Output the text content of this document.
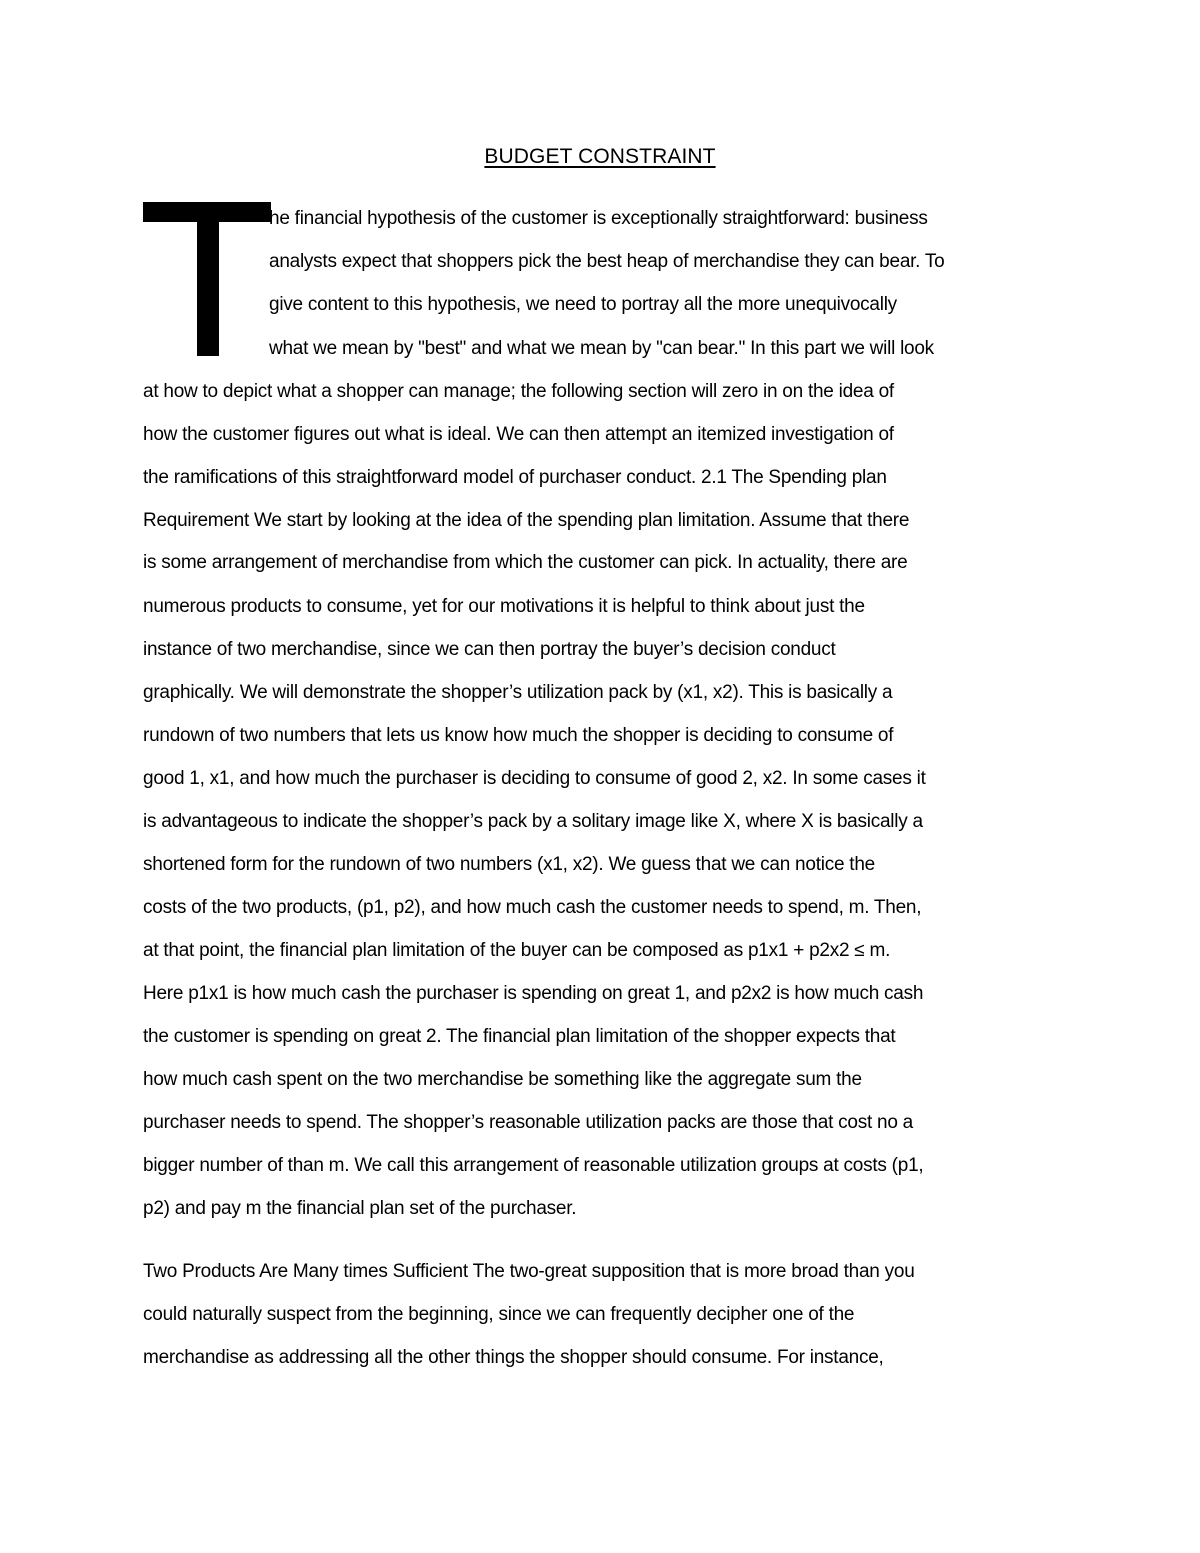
BUDGET CONSTRAINT
he financial hypothesis of the customer is exceptionally straightforward: business
analysts expect that shoppers pick the best heap of merchandise they can bear. To
give content to this hypothesis, we need to portray all the more unequivocally
what we mean by "best" and what we mean by "can bear." In this part we will look
at how to depict what a shopper can manage; the following section will zero in on the idea of
how the customer figures out what is ideal. We can then attempt an itemized investigation of
the ramifications of this straightforward model of purchaser conduct. 2.1 The Spending plan
Requirement We start by looking at the idea of the spending plan limitation. Assume that there
is some arrangement of merchandise from which the customer can pick. In actuality, there are
numerous products to consume, yet for our motivations it is helpful to think about just the
instance of two merchandise, since we can then portray the buyer’s decision conduct
graphically. We will demonstrate the shopper’s utilization pack by (x1, x2). This is basically a
rundown of two numbers that lets us know how much the shopper is deciding to consume of
good 1, x1, and how much the purchaser is deciding to consume of good 2, x2. In some cases it
is advantageous to indicate the shopper’s pack by a solitary image like X, where X is basically a
shortened form for the rundown of two numbers (x1, x2). We guess that we can notice the
costs of the two products, (p1, p2), and how much cash the customer needs to spend, m. Then,
at that point, the financial plan limitation of the buyer can be composed as p1x1 + p2x2 ≤ m.
Here p1x1 is how much cash the purchaser is spending on great 1, and p2x2 is how much cash
the customer is spending on great 2. The financial plan limitation of the shopper expects that
how much cash spent on the two merchandise be something like the aggregate sum the
purchaser needs to spend. The shopper’s reasonable utilization packs are those that cost no a
bigger number of than m. We call this arrangement of reasonable utilization groups at costs (p1,
p2) and pay m the financial plan set of the purchaser.
Two Products Are Many times Sufficient The two-great supposition that is more broad than you
could naturally suspect from the beginning, since we can frequently decipher one of the
merchandise as addressing all the other things the shopper should consume. For instance,
